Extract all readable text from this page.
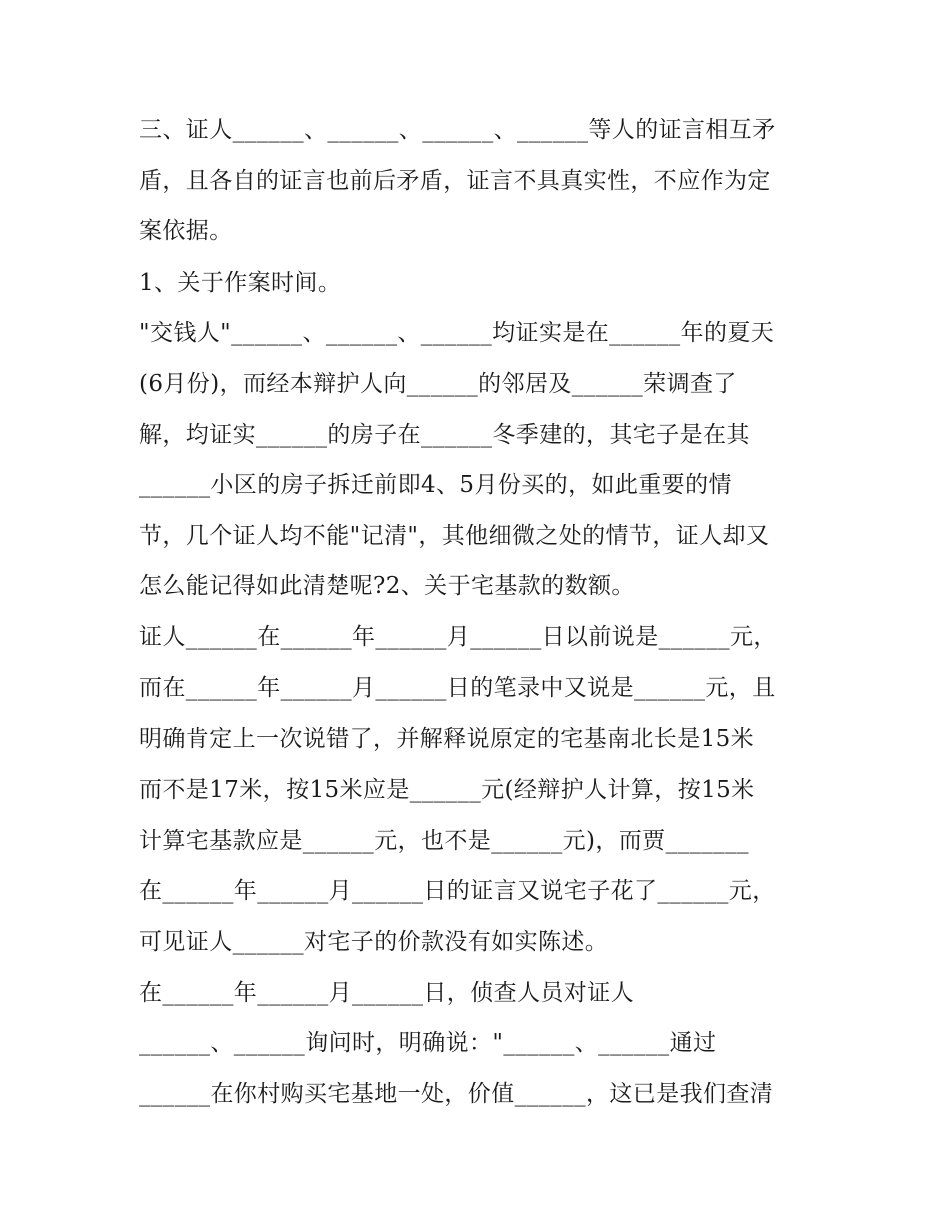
三、证人______、______、______、______等人的证言相互矛
盾，且各自的证言也前后矛盾，证言不具真实性，不应作为定
案依据。
1、关于作案时间。
"交钱人"______、______、______均证实是在______年的夏天
(6月份)，而经本辩护人向______的邻居及______荣调查了
解，均证实______的房子在______冬季建的，其宅子是在其
______小区的房子拆迁前即4、5月份买的，如此重要的情
节，几个证人均不能"记清"，其他细微之处的情节，证人却又
怎么能记得如此清楚呢?2、关于宅基款的数额。
证人______在______年______月______日以前说是______元，
而在______年______月______日的笔录中又说是______元，且
明确肯定上一次说错了，并解释说原定的宅基南北长是15米
而不是17米，按15米应是______元(经辩护人计算，按15米
计算宅基款应是______元，也不是______元)，而贾_______
在______年______月______日的证言又说宅子花了______元，
可见证人______对宅子的价款没有如实陈述。
在______年______月______日，侦查人员对证人
______、______询问时，明确说："______、______通过
______在你村购买宅基地一处，价值______，这已是我们查清
